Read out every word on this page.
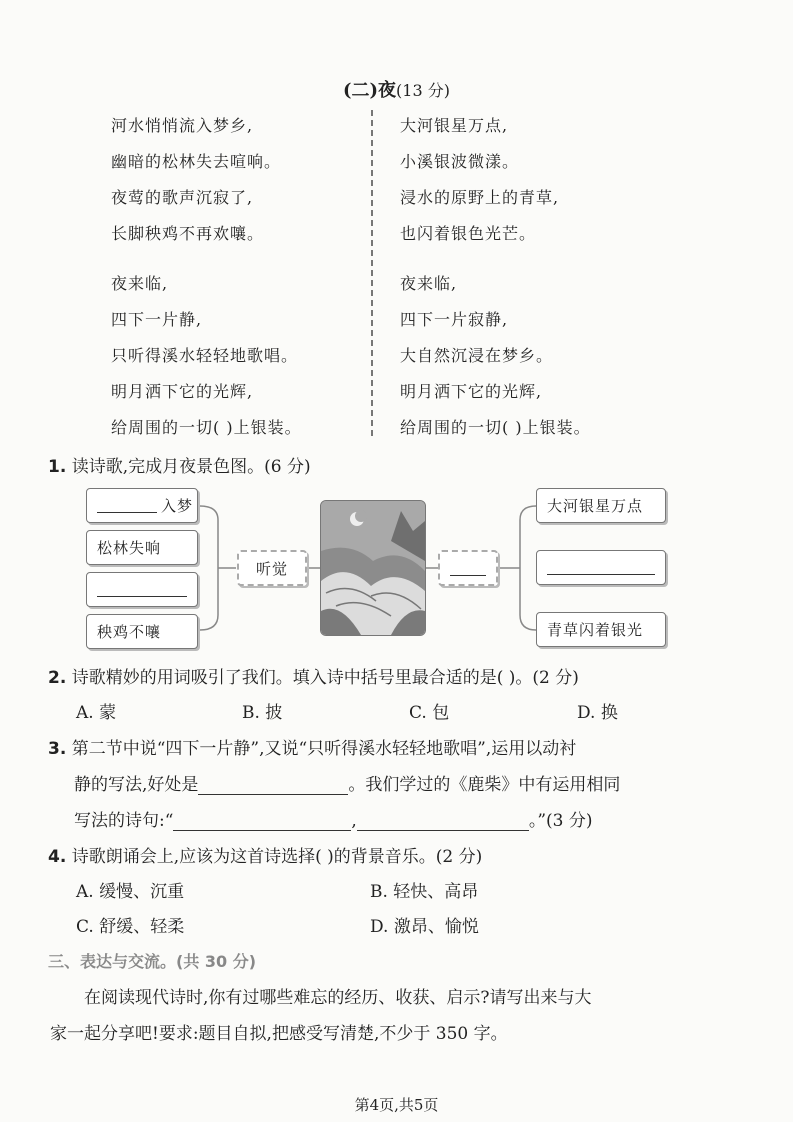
(二)夜(13 分)
河水悄悄流入梦乡,
幽暗的松林失去喧响。
夜莺的歌声沉寂了,
长脚秧鸡不再欢嚷。
夜来临,
四下一片静,
只听得溪水轻轻地歌唱。
明月洒下它的光辉,
给周围的一切( )上银装。
大河银星万点,
小溪银波微漾。
浸水的原野上的青草,
也闪着银色光芒。
夜来临,
四下一片寂静,
大自然沉浸在梦乡。
明月洒下它的光辉,
给周围的一切( )上银装。
1. 读诗歌,完成月夜景色图。(6 分)
入梦
松林失响
秧鸡不嚷
听觉
大河银星万点
青草闪着银光
2. 诗歌精妙的用词吸引了我们。填入诗中括号里最合适的是( )。(2 分)
A. 蒙	B. 披	C. 包	D. 换
3. 第二节中说“四下一片静”,又说“只听得溪水轻轻地歌唱”,运用以动衬
静的写法,好处是	。我们学过的《鹿柴》中有运用相同
写法的诗句:“	,	。”(3 分)
4. 诗歌朗诵会上,应该为这首诗选择( )的背景音乐。(2 分)
A. 缓慢、沉重	B. 轻快、高昂
C. 舒缓、轻柔	D. 激昂、愉悦
三、表达与交流。(共 30 分)
在阅读现代诗时,你有过哪些难忘的经历、收获、启示?请写出来与大
家一起分享吧!要求:题目自拟,把感受写清楚,不少于 350 字。
第4页,共5页
